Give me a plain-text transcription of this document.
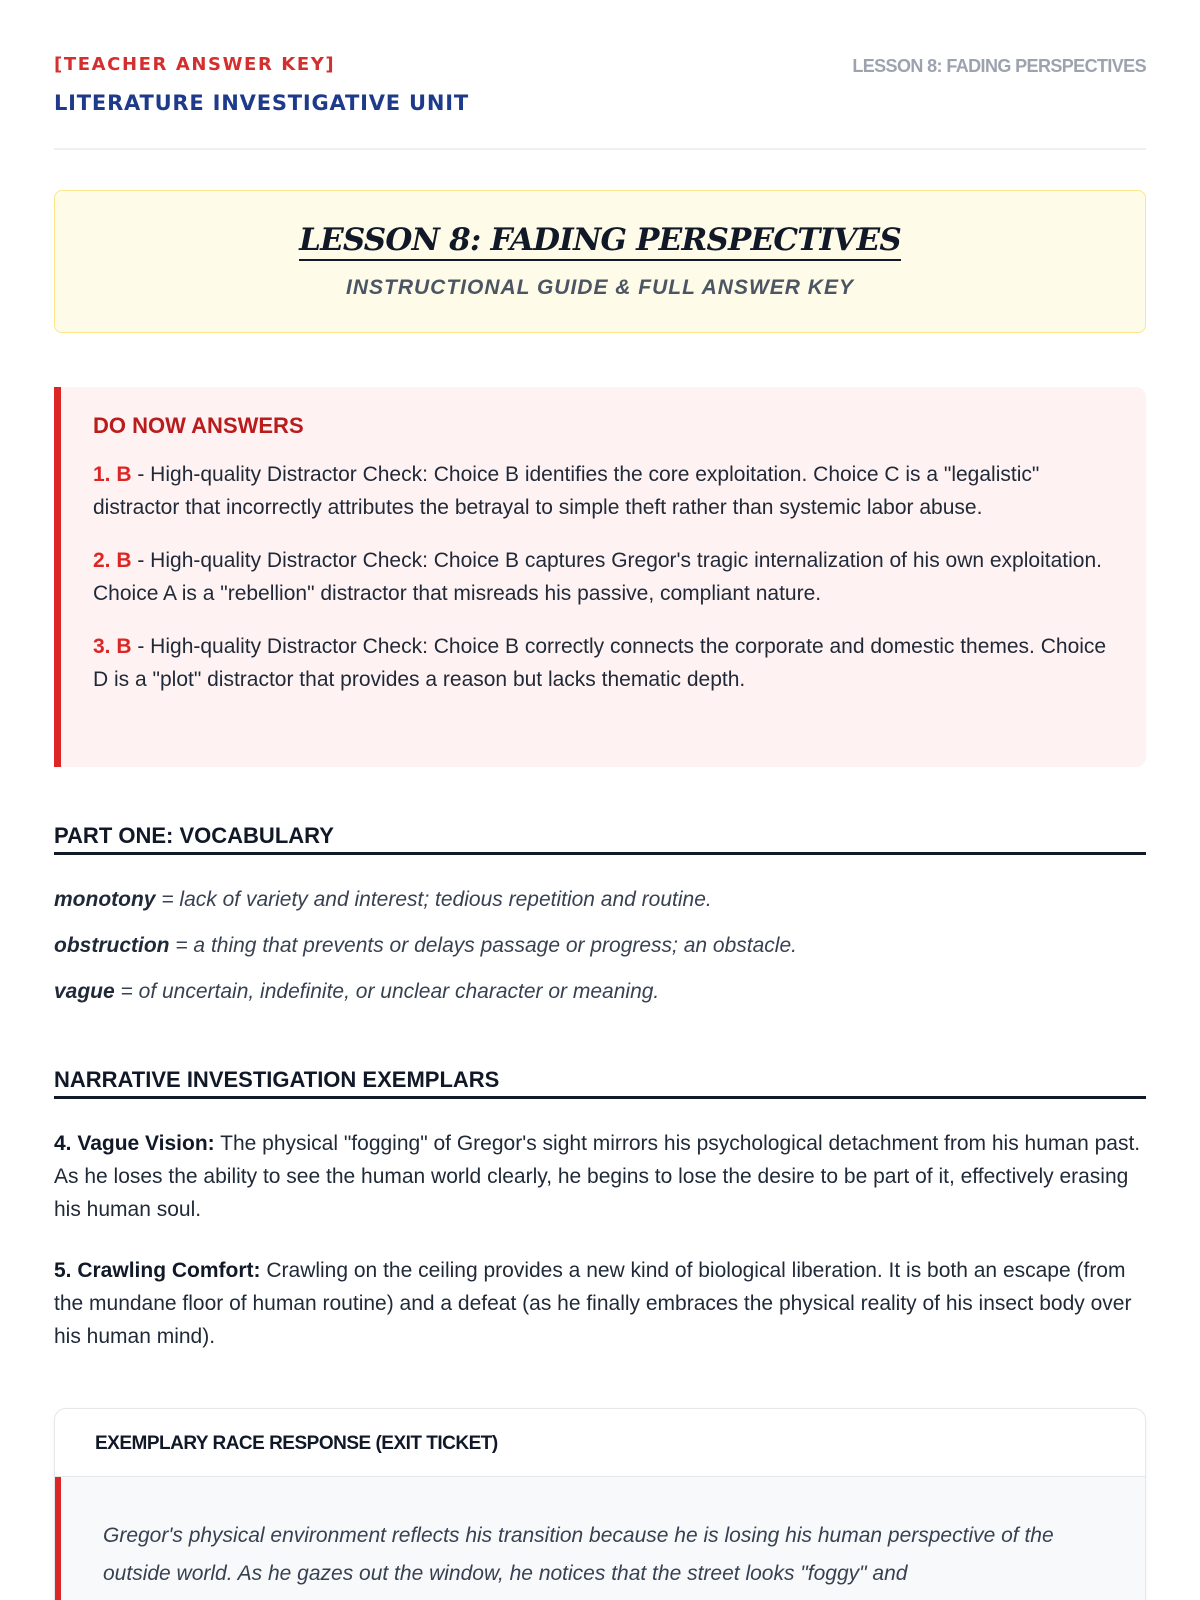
[TEACHER ANSWER KEY]
LITERATURE INVESTIGATIVE UNIT
LESSON 8: FADING PERSPECTIVES
LESSON 8: FADING PERSPECTIVES
INSTRUCTIONAL GUIDE & FULL ANSWER KEY
DO NOW ANSWERS

1. B - High-quality Distractor Check: Choice B identifies the core exploitation. Choice C is a "legalistic" distractor that incorrectly attributes the betrayal to simple theft rather than systemic labor abuse.

2. B - High-quality Distractor Check: Choice B captures Gregor's tragic internalization of his own exploitation. Choice A is a "rebellion" distractor that misreads his passive, compliant nature.

3. B - High-quality Distractor Check: Choice B correctly connects the corporate and domestic themes. Choice D is a "plot" distractor that provides a reason but lacks thematic depth.

PART ONE: VOCABULARY
monotony = lack of variety and interest; tedious repetition and routine.
obstruction = a thing that prevents or delays passage or progress; an obstacle.
vague = of uncertain, indefinite, or unclear character or meaning.
NARRATIVE INVESTIGATION EXEMPLARS

4. Vague Vision: The physical "fogging" of Gregor's sight mirrors his psychological detachment from his human past. As he loses the ability to see the human world clearly, he begins to lose the desire to be part of it, effectively erasing his human soul.

5. Crawling Comfort: Crawling on the ceiling provides a new kind of biological liberation. It is both an escape (from the mundane floor of human routine) and a defeat (as he finally embraces the physical reality of his insect body over his human mind).

EXEMPLARY RACE RESPONSE (EXIT TICKET)
Gregor's physical environment reflects his transition because he is losing his human perspective of the outside world. As he gazes out the window, he notices that the street looks "foggy" and
